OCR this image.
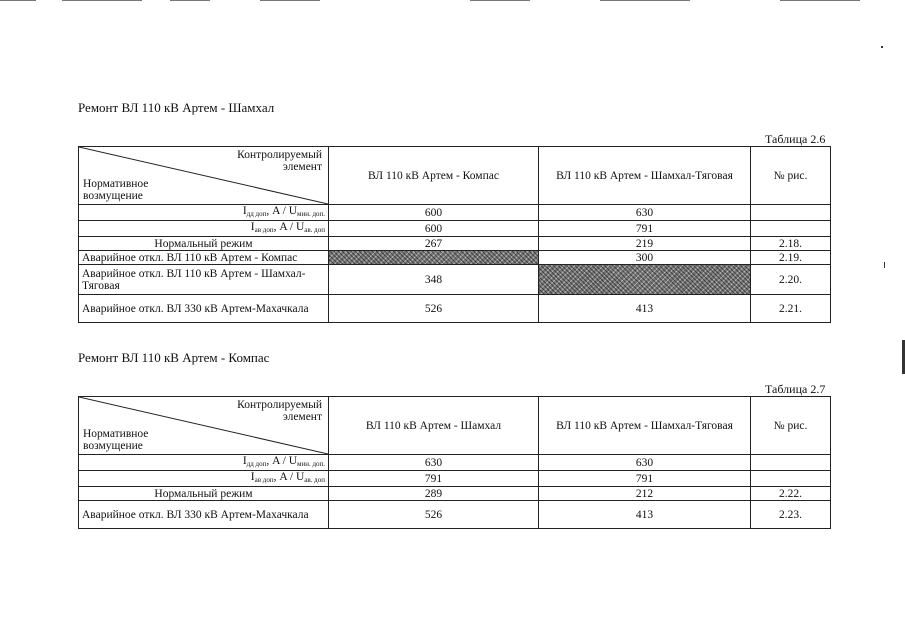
Ремонт ВЛ 110 кВ Артем - Шамхал
Таблица 2.6
Контролируемый
элемент
Нормативное
возмущение	ВЛ 110 кВ Артем - Компас	ВЛ 110 кВ Артем - Шамхал-Тяговая	№ рис.
$I_{дд доп}$, A / $U_{мин. доп.}$	600	630	
$I_{ав доп}$, A / $U_{ав. доп}$	600	791	
Нормальный режим	267	219	2.18.
Аварийное откл. ВЛ 110 кВ Артем - Компас		300	2.19.
Аварийное откл. ВЛ 110 кВ Артем - Шамхал-Тяговая	348		2.20.
Аварийное откл. ВЛ 330 кВ Артем-Махачкала	526	413	2.21.
Ремонт ВЛ 110 кВ Артем - Компас
Таблица 2.7
Контролируемый
элемент
Нормативное
возмущение	ВЛ 110 кВ Артем - Шамхал	ВЛ 110 кВ Артем - Шамхал-Тяговая	№ рис.
$I_{дд доп}$, A / $U_{мин. доп.}$	630	630	
$I_{ав доп}$, A / $U_{ав. доп}$	791	791	
Нормальный режим	289	212	2.22.
Аварийное откл. ВЛ 330 кВ Артем-Махачкала	526	413	2.23.
